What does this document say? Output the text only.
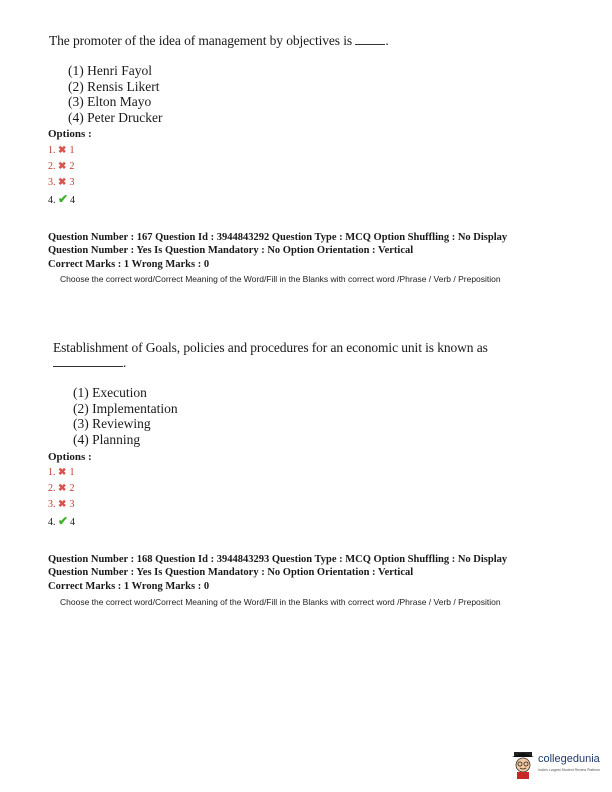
The promoter of the idea of management by objectives is .
(1) Henri Fayol
(2) Rensis Likert
(3) Elton Mayo
(4) Peter Drucker
Options :
1. ✖ 1
2. ✖ 2
3. ✖ 3
4. ✔ 4
Question Number : 167 Question Id : 3944843292 Question Type : MCQ Option Shuffling : No Display
Question Number : Yes Is Question Mandatory : No Option Orientation : Vertical
Correct Marks : 1 Wrong Marks : 0
Choose the correct word/Correct Meaning of the Word/Fill in the Blanks with correct word /Phrase / Verb / Preposition
Establishment of Goals, policies and procedures for an economic unit is known as
.
(1) Execution
(2) Implementation
(3) Reviewing
(4) Planning
Options :
1. ✖ 1
2. ✖ 2
3. ✖ 3
4. ✔ 4
Question Number : 168 Question Id : 3944843293 Question Type : MCQ Option Shuffling : No Display
Question Number : Yes Is Question Mandatory : No Option Orientation : Vertical
Correct Marks : 1 Wrong Marks : 0
Choose the correct word/Correct Meaning of the Word/Fill in the Blanks with correct word /Phrase / Verb / Preposition
collegedunia
India's Largest Student Review Platform
